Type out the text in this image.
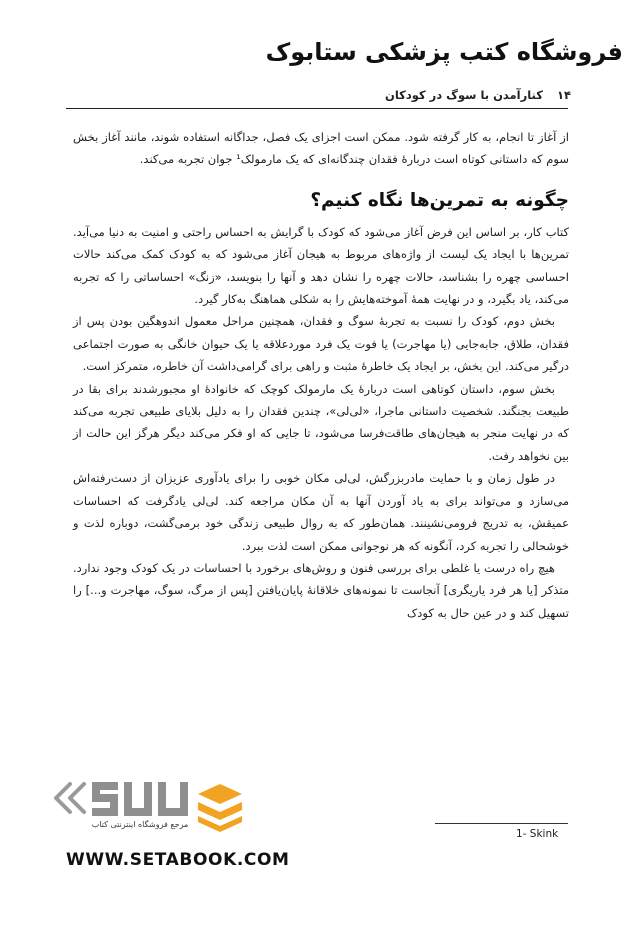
فروشگاه کتب پزشکی ستابوک
۱۴
کنارآمدن با سوگ در کودکان

از آغاز تا انجام، به کار گرفته شود. ممکن است اجزای یک فصل، جداگانه استفاده شوند، مانند آغاز بخش سوم که داستانی کوتاه است دربارهٔ فقدان چندگانه‌ای که یک مارمولک¹ جوان تجربه می‌کند.

چگونه به تمرین‌ها نگاه کنیم؟

کتاب کار، بر اساس این فرض آغاز می‌شود که کودک با گرایش به احساس راحتی و امنیت به دنیا می‌آید. تمرین‌ها با ایجاد یک لیست از واژه‌های مربوط به هیجان آغاز می‌شود که به کودک کمک می‌کند حالات احساسی چهره را بشناسد، حالات چهره را نشان دهد و آنها را بنویسد، «زنگ» احساساتی را که تجربه می‌کند، یاد بگیرد، و در نهایت همهٔ آموخته‌هایش را به شکلی هماهنگ به‌کار گیرد.

بخش دوم، کودک را نسبت به تجربهٔ سوگ و فقدان، همچنین مراحل معمول اندوهگین بودن پس از فقدان، طلاق، جابه‌جایی (یا مهاجرت) یا فوت یک فرد موردعلاقه یا یک حیوان خانگی به صورت اجتماعی درگیر می‌کند. این بخش، بر ایجاد یک خاطرهٔ مثبت و راهی برای گرامی‌داشت آن خاطره، متمرکز است.

بخش سوم، داستان کوتاهی است دربارهٔ یک مارمولک کوچک که خانوادهٔ او مجبورشدند برای بقا در طبیعت بجنگند. شخصیت داستانی ماجرا، «لی‌لی»، چندین فقدان را به دلیل بلایای طبیعی تجربه می‌کند که در نهایت منجر به هیجان‌های طاقت‌فرسا می‌شود، تا جایی که او فکر می‌کند دیگر هرگز این حالت از بین نخواهد رفت.

در طول زمان و با حمایت مادربزرگش، لی‌لی مکان خوبی را برای یادآوری عزیزان از دست‌رفته‌اش می‌سازد و می‌تواند برای به یاد آوردن آنها به آن مکان مراجعه کند. لی‌لی یادگرفت که احساسات عمیقش، به تدریج فرومی‌نشینند. همان‌طور که به روال طبیعی زندگی خود برمی‌گشت، دوباره لذت و خوشحالی را تجربه کرد، آنگونه که هر نوجوانی ممکن است لذت ببرد.

هیچ راه درست یا غلطی برای بررسی فنون و روش‌های برخورد با احساسات در یک کودک وجود ندارد. متذکر [یا هر فرد یاریگری] آنجاست تا نمونه‌های خلاقانهٔ پایان‌یافتن [پس از مرگ، سوگ، مهاجرت و...] را تسهیل کند و در عین حال به کودک

مرجع فروشگاه اینترنتی کتاب
1- Skink
WWW.SETABOOK.COM
